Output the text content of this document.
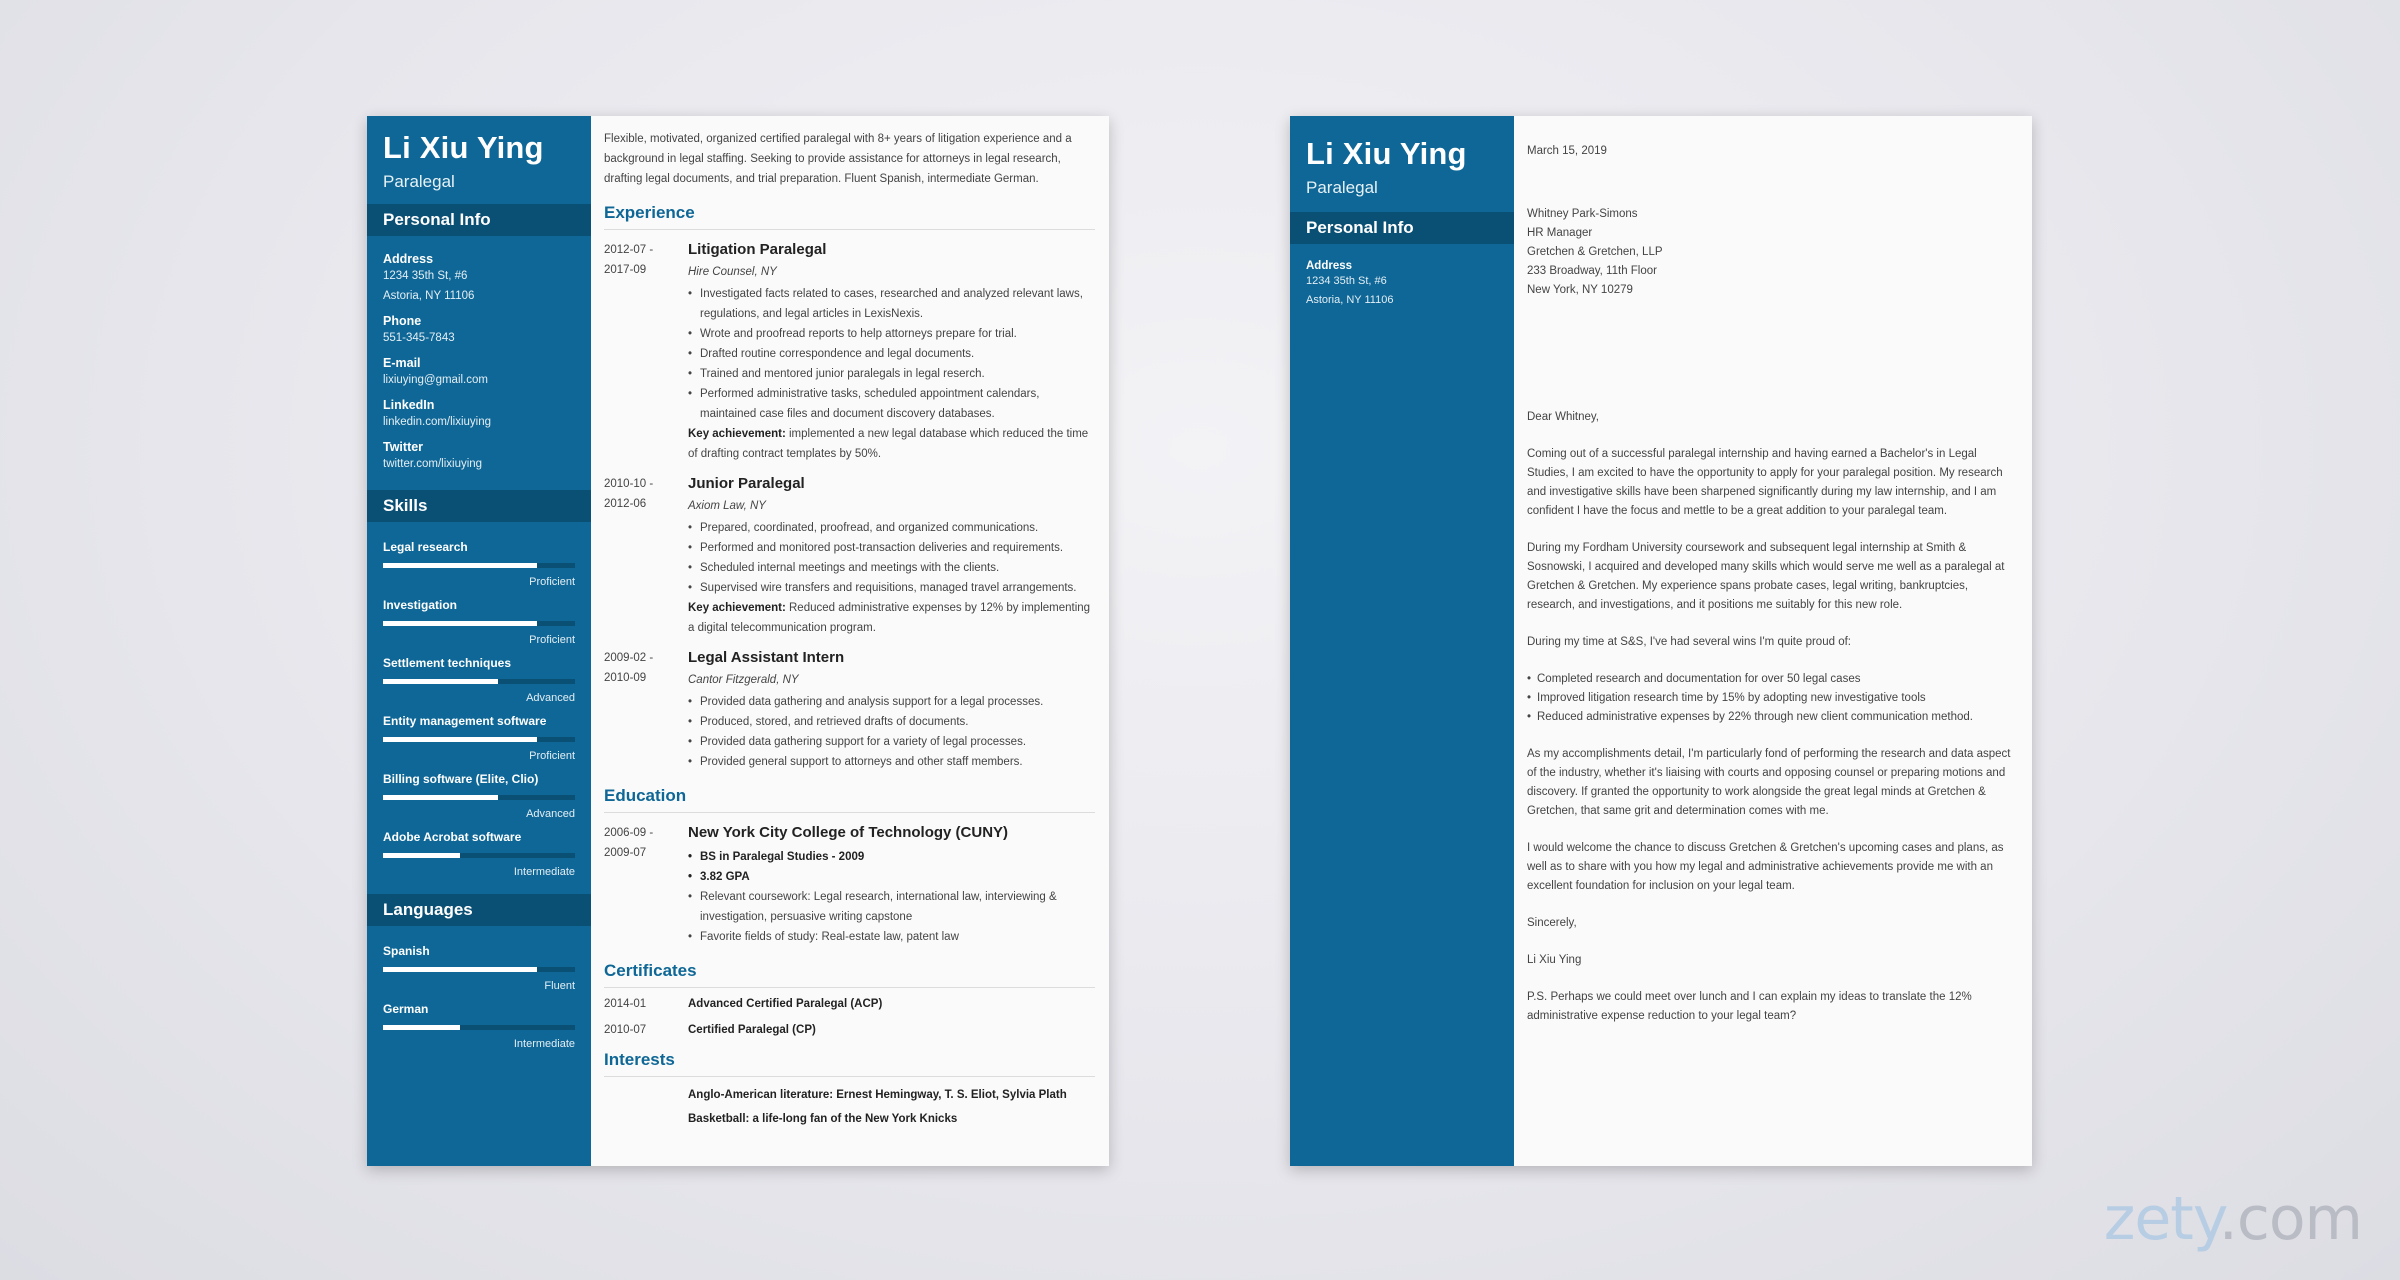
Li Xiu Ying
Paralegal
Personal Info
Address
1234 35th St, #6
Astoria, NY 11106
Phone
551-345-7843
E-mail
lixiuying@gmail.com
LinkedIn
linkedin.com/lixiuying
Twitter
twitter.com/lixiuying
Skills
Legal research
Proficient
Investigation
Proficient
Settlement techniques
Advanced
Entity management software
Proficient
Billing software (Elite, Clio)
Advanced
Adobe Acrobat software
Intermediate
Languages
Spanish
Fluent
German
Intermediate
Flexible, motivated, organized certified paralegal with 8+ years of litigation experience and a background in legal staffing. Seeking to provide assistance for attorneys in legal research, drafting legal documents, and trial preparation. Fluent Spanish, intermediate German.
Experience
2012-07 -
2017-09
Litigation Paralegal
Hire Counsel, NY
• Investigated facts related to cases, researched and analyzed relevant laws, regulations, and legal articles in LexisNexis.
• Wrote and proofread reports to help attorneys prepare for trial.
• Drafted routine correspondence and legal documents.
• Trained and mentored junior paralegals in legal reserch.
• Performed administrative tasks, scheduled appointment calendars, maintained case files and document discovery databases.
Key achievement: implemented a new legal database which reduced the time of drafting contract templates by 50%.
2010-10 -
2012-06
Junior Paralegal
Axiom Law, NY
• Prepared, coordinated, proofread, and organized communications.
• Performed and monitored post-transaction deliveries and requirements.
• Scheduled internal meetings and meetings with the clients.
• Supervised wire transfers and requisitions, managed travel arrangements.
Key achievement: Reduced administrative expenses by 12% by implementing a digital telecommunication program.
2009-02 -
2010-09
Legal Assistant Intern
Cantor Fitzgerald, NY
• Provided data gathering and analysis support for a legal processes.
• Produced, stored, and retrieved drafts of documents.
• Provided data gathering support for a variety of legal processes.
• Provided general support to attorneys and other staff members.
Education
2006-09 -
2009-07
New York City College of Technology (CUNY)
• BS in Paralegal Studies - 2009
• 3.82 GPA
• Relevant coursework: Legal research, international law, interviewing & investigation, persuasive writing capstone
• Favorite fields of study: Real-estate law, patent law
Certificates
2014-01	Advanced Certified Paralegal (ACP)
2010-07	Certified Paralegal (CP)
Interests
Anglo-American literature: Ernest Hemingway, T. S. Eliot, Sylvia Plath
Basketball: a life-long fan of the New York Knicks
Li Xiu Ying
Paralegal
Personal Info
Address
1234 35th St, #6
Astoria, NY 11106

March 15, 2019

Whitney Park-Simons

HR Manager

Gretchen & Gretchen, LLP

233 Broadway, 11th Floor

New York, NY 10279

Dear Whitney,

Coming out of a successful paralegal internship and having earned a Bachelor's in Legal Studies, I am excited to have the opportunity to apply for your paralegal position. My research and investigative skills have been sharpened significantly during my law internship, and I am confident I have the focus and mettle to be a great addition to your paralegal team.

During my Fordham University coursework and subsequent legal internship at Smith & Sosnowski, I acquired and developed many skills which would serve me well as a paralegal at Gretchen & Gretchen. My experience spans probate cases, legal writing, bankruptcies, research, and investigations, and it positions me suitably for this new role.

During my time at S&S, I've had several wins I'm quite proud of:

• Completed research and documentation for over 50 legal cases
• Improved litigation research time by 15% by adopting new investigative tools
• Reduced administrative expenses by 22% through new client communication method.

As my accomplishments detail, I'm particularly fond of performing the research and data aspect of the industry, whether it's liaising with courts and opposing counsel or preparing motions and discovery. If granted the opportunity to work alongside the great legal minds at Gretchen & Gretchen, that same grit and determination comes with me.

I would welcome the chance to discuss Gretchen & Gretchen's upcoming cases and plans, as well as to share with you how my legal and administrative achievements provide me with an excellent foundation for inclusion on your legal team.

Sincerely,

Li Xiu Ying

P.S. Perhaps we could meet over lunch and I can explain my ideas to translate the 12% administrative expense reduction to your legal team?

zety.com
